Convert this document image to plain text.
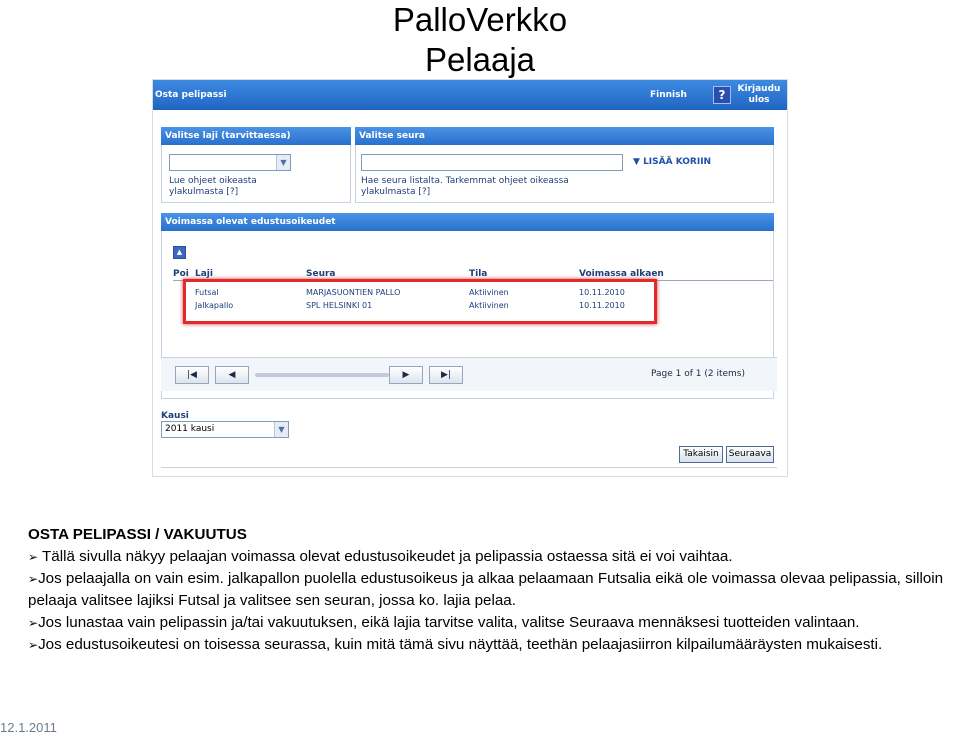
PalloVerkko
Pelaaja
Osta pelipassi	Finnish	?	Kirjaudu ulos
Valitse laji (tarvittaessa)
▼
Lue ohjeet oikeasta ylakulmasta [?]
Valitse seura
▼ LISÄÄ KORIIN
Hae seura listalta. Tarkemmat ohjeet oikeassa ylakulmasta [?]
Voimassa olevat edustusoikeudet
▲
Poi Laji	Seura	Tila	Voimassa alkaen
Futsal	MARJASUONTIEN PALLO	Aktiivinen	10.11.2010
Jalkapallo	SPL HELSINKI 01	Aktiivinen	10.11.2010
|◀	◀	▶	▶|	Page 1 of 1 (2 items)
Kausi
2011 kausi	▼
Takaisin	Seuraava
OSTA PELIPASSI / VAKUUTUS
➢ Tällä sivulla näkyy pelaajan voimassa olevat edustusoikeudet ja pelipassia ostaessa sitä ei voi vaihtaa.
➢Jos pelaajalla on vain esim. jalkapallon puolella edustusoikeus ja alkaa pelaamaan Futsalia eikä ole voimassa olevaa pelipassia, silloin pelaaja valitsee lajiksi Futsal ja valitsee sen seuran, jossa ko. lajia pelaa.
➢Jos lunastaa vain pelipassin ja/tai vakuutuksen, eikä lajia tarvitse valita, valitse Seuraava mennäksesi tuotteiden valintaan.
➢Jos edustusoikeutesi on toisessa seurassa, kuin mitä tämä sivu näyttää, teethän pelaajasiirron kilpailumääräysten mukaisesti.
12.1.2011
